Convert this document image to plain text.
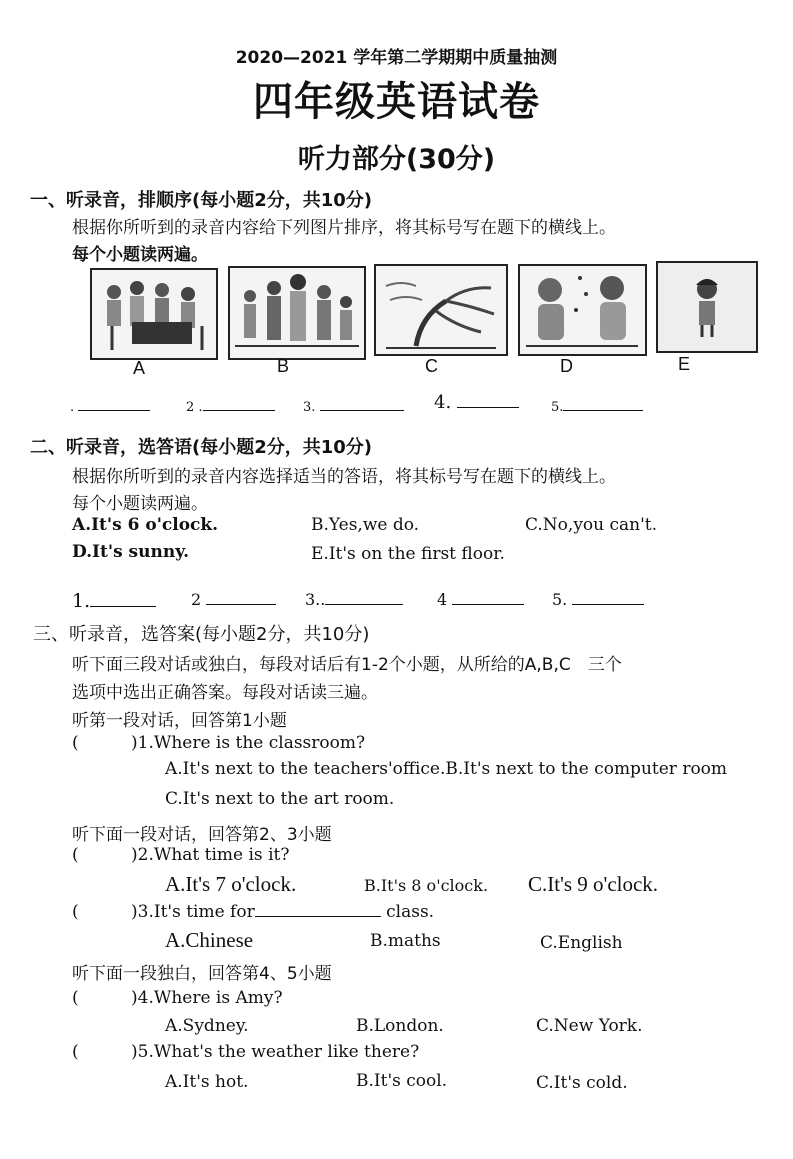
2020—2021 学年第二学期期中质量抽测
四年级英语试卷
听力部分(30分)
一、听录音，排顺序(每小题2分，共10分)
根据你所听到的录音内容给下列图片排序，将其标号写在题下的横线上。
每个小题读两遍。
A	B	C	D	E
.	2 .	3.	4.	5.
二、听录音，选答语(每小题2分，共10分)
根据你所听到的录音内容选择适当的答语，将其标号写在题下的横线上。
每个小题读两遍。
A.It's 6 o'clock.	B.Yes,we do.	C.No,you can't.
D.It's sunny.	E.It's on the first floor.
1.	2	3..	4	5.
三、听录音，选答案(每小题2分，共10分)
听下面三段对话或独白，每段对话后有1-2个小题，从所给的A,B,C　三个
选项中选出正确答案。每段对话读三遍。
听第一段对话，回答第1小题
(	)1.Where is the classroom?
A.It's next to the teachers'office.B.It's next to the computer room
C.It's next to the art room.
听下面一段对话，回答第2、3小题
(	)2.What time is it?
A.It's 7 o'clock.	B.It's 8 o'clock. C.It's 9 o'clock.
(	)3.It's time for	class.
A.Chinese	B.maths	C.English
听下面一段独白，回答第4、5小题
(	)4.Where is Amy?
A.Sydney.	B.London.	C.New York.
(	)5.What's the weather like there?
A.It's hot.	B.It's cool.	C.It's cold.
